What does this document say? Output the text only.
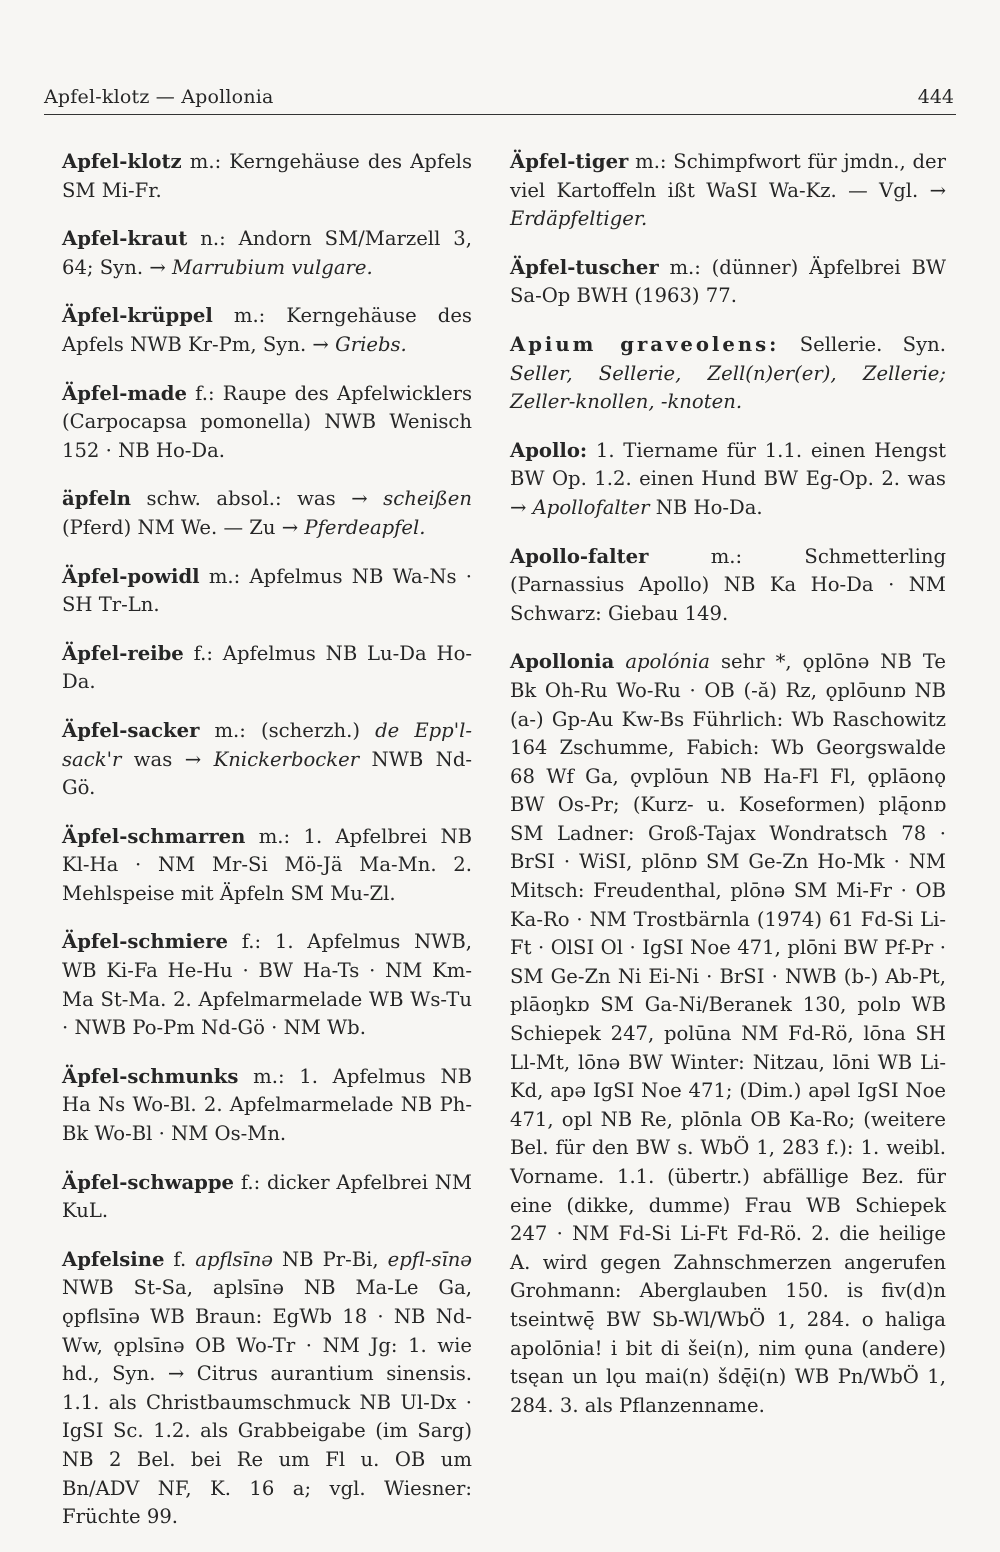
Apfel-klotz — Apollonia	444

Apfel-klotz m.: Kerngehäuse des Apfels SM Mi-Fr.

Apfel-kraut n.: Andorn SM/Marzell 3, 64; Syn. → Marrubium vulgare.

Äpfel-krüppel m.: Kerngehäuse des Apfels NWB Kr-Pm, Syn. → Griebs.

Äpfel-made f.: Raupe des Apfelwicklers (Carpocapsa pomonella) NWB Wenisch 152 · NB Ho-Da.

äpfeln schw. absol.: was → scheißen (Pferd) NM We. — Zu → Pferdeapfel.

Äpfel-powidl m.: Apfelmus NB Wa-Ns · SH Tr-Ln.

Äpfel-reibe f.: Apfelmus NB Lu-Da Ho-Da.

Äpfel-sacker m.: (scherzh.) de Epp'l-sack'r was → Knickerbocker NWB Nd-Gö.

Äpfel-schmarren m.: 1. Apfelbrei NB Kl-Ha · NM Mr-Si Mö-Jä Ma-Mn. 2. Mehlspeise mit Äpfeln SM Mu-Zl.

Äpfel-schmiere f.: 1. Apfelmus NWB, WB Ki-Fa He-Hu · BW Ha-Ts · NM Km-Ma St-Ma. 2. Apfelmarmelade WB Ws-Tu · NWB Po-Pm Nd-Gö · NM Wb.

Äpfel-schmunks m.: 1. Apfelmus NB Ha Ns Wo-Bl. 2. Apfelmarmelade NB Ph-Bk Wo-Bl · NM Os-Mn.

Äpfel-schwappe f.: dicker Apfelbrei NM KuL.

Apfelsine f. apflsīnə NB Pr-Bi, epfl-sīnə NWB St-Sa, aplsīnə NB Ma-Le Ga, ǫpflsīnə WB Braun: EgWb 18 · NB Nd-Ww, ǫplsīnə OB Wo-Tr · NM Jg: 1. wie hd., Syn. → Citrus aurantium sinensis. 1.1. als Christbaumschmuck NB Ul-Dx · IgSI Sc. 1.2. als Grabbeigabe (im Sarg) NB 2 Bel. bei Re um Fl u. OB um Bn/ADV NF, K. 16 a; vgl. Wiesner: Früchte 99.

Äpfel-tiger m.: Schimpfwort für jmdn., der viel Kartoffeln ißt WaSI Wa-Kz. — Vgl. → Erdäpfeltiger.

Äpfel-tuscher m.: (dünner) Äpfelbrei BW Sa-Op BWH (1963) 77.

Apium graveolens: Sellerie. Syn. Seller, Sellerie, Zell(n)er(er), Zellerie; Zeller-knollen, -knoten.

Apollo: 1. Tiername für 1.1. einen Hengst BW Op. 1.2. einen Hund BW Eg-Op. 2. was → Apollofalter NB Ho-Da.

Apollo-falter m.: Schmetterling (Parnassius Apollo) NB Ka Ho-Da · NM Schwarz: Giebau 149.

Apollonia apolónia sehr *, ǫplōnə NB Te Bk Oh-Ru Wo-Ru · OB (-ă) Rz, ǫplōunɒ NB (a-) Gp-Au Kw-Bs Führlich: Wb Raschowitz 164 Zschumme, Fabich: Wb Georgswalde 68 Wf Ga, ǫvplōun NB Ha-Fl Fl, ǫplāonǫ BW Os-Pr; (Kurz- u. Koseformen) plą̄onɒ SM Ladner: Groß-Tajax Wondratsch 78 · BrSI · WiSI, plōnɒ SM Ge-Zn Ho-Mk · NM Mitsch: Freudenthal, plōnə SM Mi-Fr · OB Ka-Ro · NM Trostbärnla (1974) 61 Fd-Si Li-Ft · OlSI Ol · IgSI Noe 471, plōni BW Pf-Pr · SM Ge-Zn Ni Ei-Ni · BrSI · NWB (b-) Ab-Pt, plāoŋkɒ SM Ga-Ni/Beranek 130, polɒ WB Schiepek 247, polūna NM Fd-Rö, lōna SH Ll-Mt, lōnə BW Winter: Nitzau, lōni WB Li-Kd, apə IgSI Noe 471; (Dim.) apəl IgSI Noe 471, opl NB Re, plōnla OB Ka-Ro; (weitere Bel. für den BW s. WbÖ 1, 283 f.): 1. weibl. Vorname. 1.1. (übertr.) abfällige Bez. für eine (dikke, dumme) Frau WB Schiepek 247 · NM Fd-Si Li-Ft Fd-Rö. 2. die heilige A. wird gegen Zahnschmerzen angerufen Grohmann: Aberglauben 150. is fiv(d)n tseintwę̄ BW Sb-Wl/WbÖ 1, 284. o haliga apolōnia! i bit di šei(n), nim ǫuna (andere) tsęan un lǫu mai(n) šdę̄i(n) WB Pn/WbÖ 1, 284. 3. als Pflanzenname.
